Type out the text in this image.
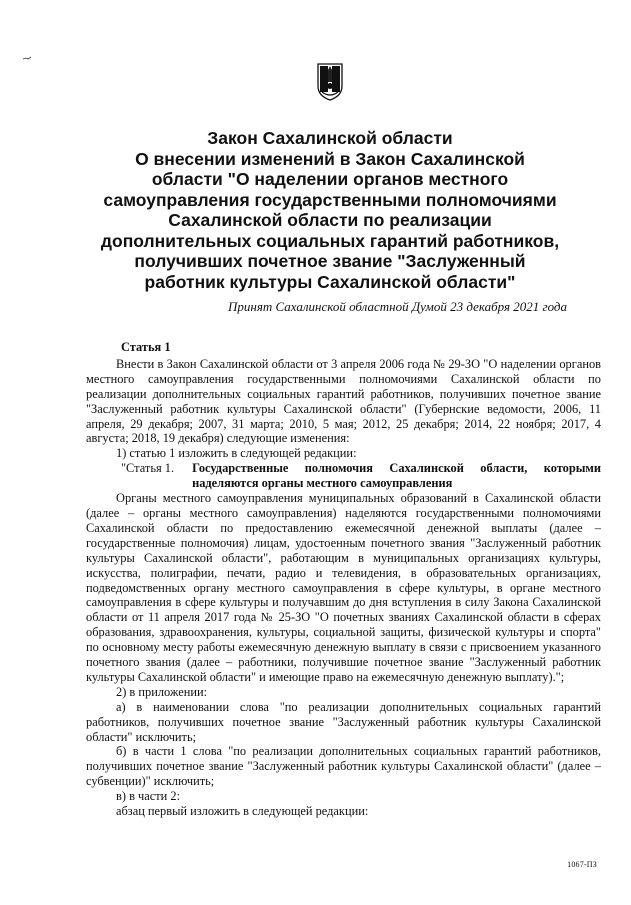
Закон Сахалинской области
О внесении изменений в Закон Сахалинской
области "О наделении органов местного
самоуправления государственными полномочиями
Сахалинской области по реализации
дополнительных социальных гарантий работников,
получивших почетное звание "Заслуженный
работник культуры Сахалинской области"
Принят Сахалинской областной Думой 23 декабря 2021 года

Статья 1

Внести в Закон Сахалинской области от 3 апреля 2006 года № 29-ЗО "О наделении органов местного самоуправления государственными полномочиями Сахалинской области по реализации дополнительных социальных гарантий работников, получивших почетное звание "Заслуженный работник культуры Сахалинской области" (Губернские ведомости, 2006, 11 апреля, 29 декабря; 2007, 31 марта; 2010, 5 мая; 2012, 25 декабря; 2014, 22 ноября; 2017, 4 августа; 2018, 19 декабря) следующие изменения:

1) статью 1 изложить в следующей редакции:

"Статья 1.	Государственные полномочия Сахалинской области, которыми наделяются органы местного самоуправления

Органы местного самоуправления муниципальных образований в Сахалинской области (далее – органы местного самоуправления) наделяются государственными полномочиями Сахалинской области по предоставлению ежемесячной денежной выплаты (далее – государственные полномочия) лицам, удостоенным почетного звания "Заслуженный работник культуры Сахалинской области", работающим в муниципальных организациях культуры, искусства, полиграфии, печати, радио и телевидения, в образовательных организациях, подведомственных органу местного самоуправления в сфере культуры, в органе местного самоуправления в сфере культуры и получавшим до дня вступления в силу Закона Сахалинской области от 11 апреля 2017 года № 25-ЗО "О почетных званиях Сахалинской области в сферах образования, здравоохранения, культуры, социальной защиты, физической культуры и спорта" по основному месту работы ежемесячную денежную выплату в связи с присвоением указанного почетного звания (далее – работники, получившие почетное звание "Заслуженный работник культуры Сахалинской области" и имеющие право на ежемесячную денежную выплату).";

2) в приложении:

а) в наименовании слова "по реализации дополнительных социальных гарантий работников, получивших почетное звание "Заслуженный работник культуры Сахалинской области" исключить;

б) в части 1 слова "по реализации дополнительных социальных гарантий работников, получивших почетное звание "Заслуженный работник культуры Сахалинской области" (далее – субвенции)" исключить;

в) в части 2:

абзац первый изложить в следующей редакции:

1067-ПЗ
